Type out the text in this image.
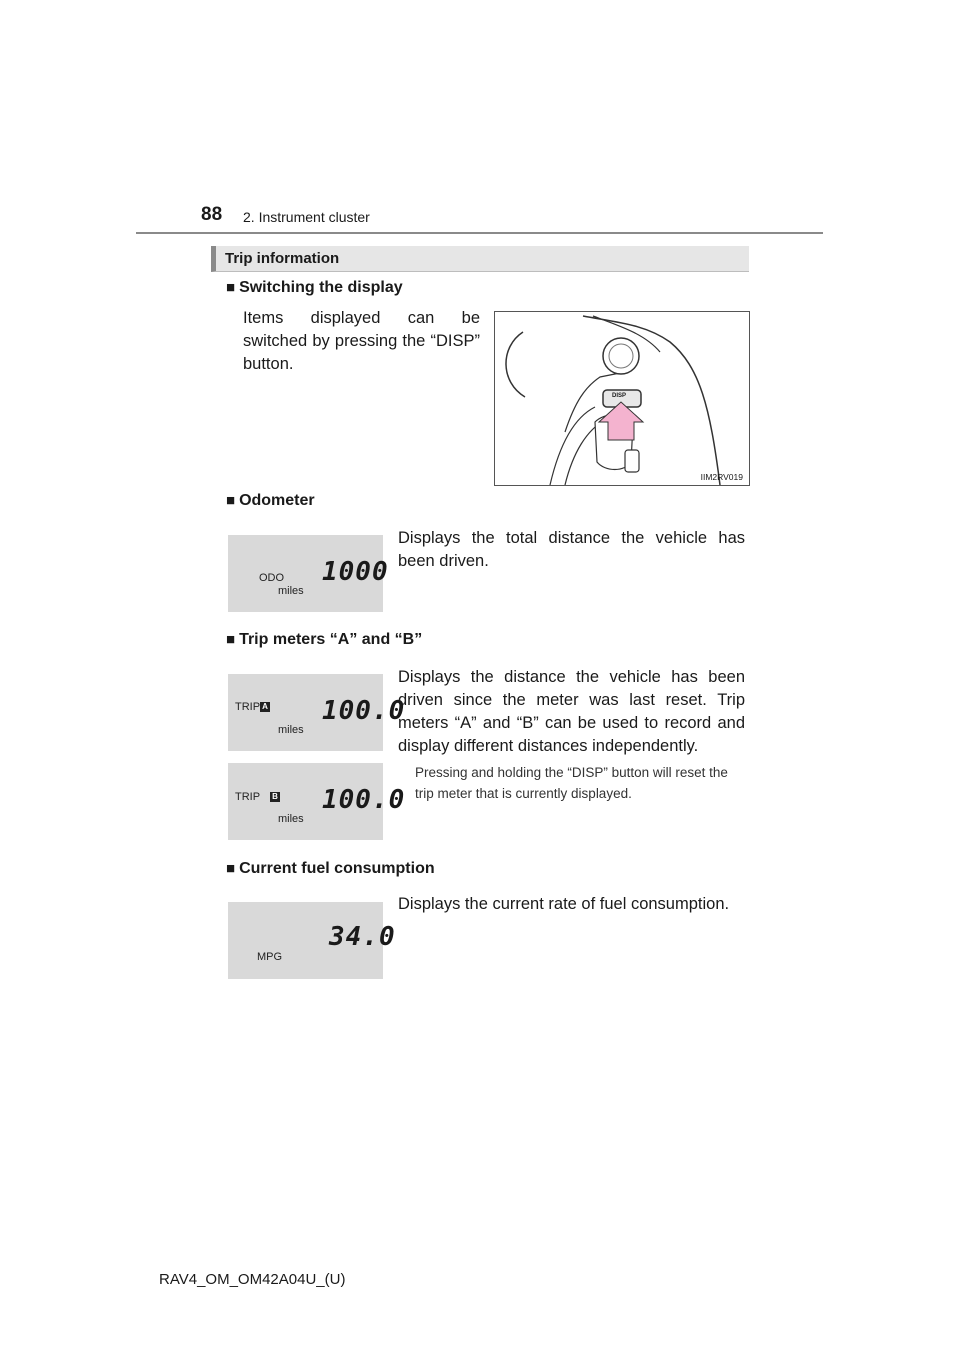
88 2. Instrument cluster
Trip information
■ Switching the display
Items displayed can be switched by pressing the “DISP” button.
DISP
IIM2RV019
■ Odometer
Displays the total distance the vehicle has been driven.
ODO
miles
1000
■ Trip meters “A” and “B”
Displays the distance the vehicle has been driven since the meter was last reset. Trip meters “A” and “B” can be used to record and display different distances independently.
Pressing and holding the “DISP” button will reset the trip meter that is currently displayed.
TRIP A
miles
100.0
TRIP B
miles
100.0
■ Current fuel consumption
Displays the current rate of fuel consumption.
MPG
34.0
RAV4_OM_OM42A04U_(U)
